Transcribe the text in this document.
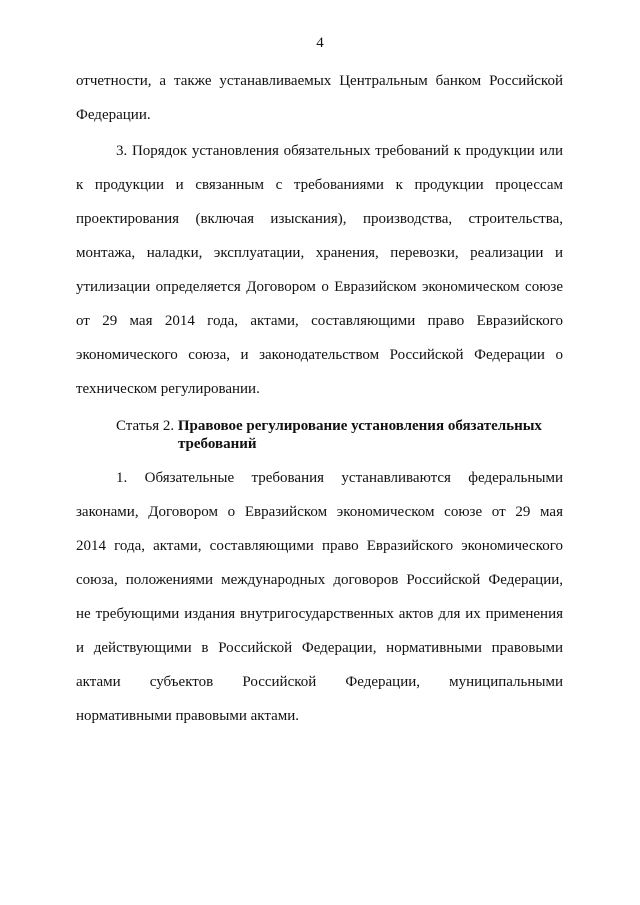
4
отчетности, а также устанавливаемых Центральным банком Российской
Федерации.
3. Порядок установления обязательных требований к продукции или
к продукции и связанным с требованиями к продукции процессам
проектирования (включая изыскания), производства, строительства,
монтажа, наладки, эксплуатации, хранения, перевозки, реализации и
утилизации определяется Договором о Евразийском экономическом союзе
от 29 мая 2014 года, актами, составляющими право Евразийского
экономического союза, и законодательством Российской Федерации о
техническом регулировании.
Статья 2. Правовое регулирование установления обязательных
требований
1. Обязательные требования устанавливаются федеральными
законами, Договором о Евразийском экономическом союзе от 29 мая
2014 года, актами, составляющими право Евразийского экономического
союза, положениями международных договоров Российской Федерации,
не требующими издания внутригосударственных актов для их применения
и действующими в Российской Федерации, нормативными правовыми
актами субъектов Российской Федерации, муниципальными
нормативными правовыми актами.
